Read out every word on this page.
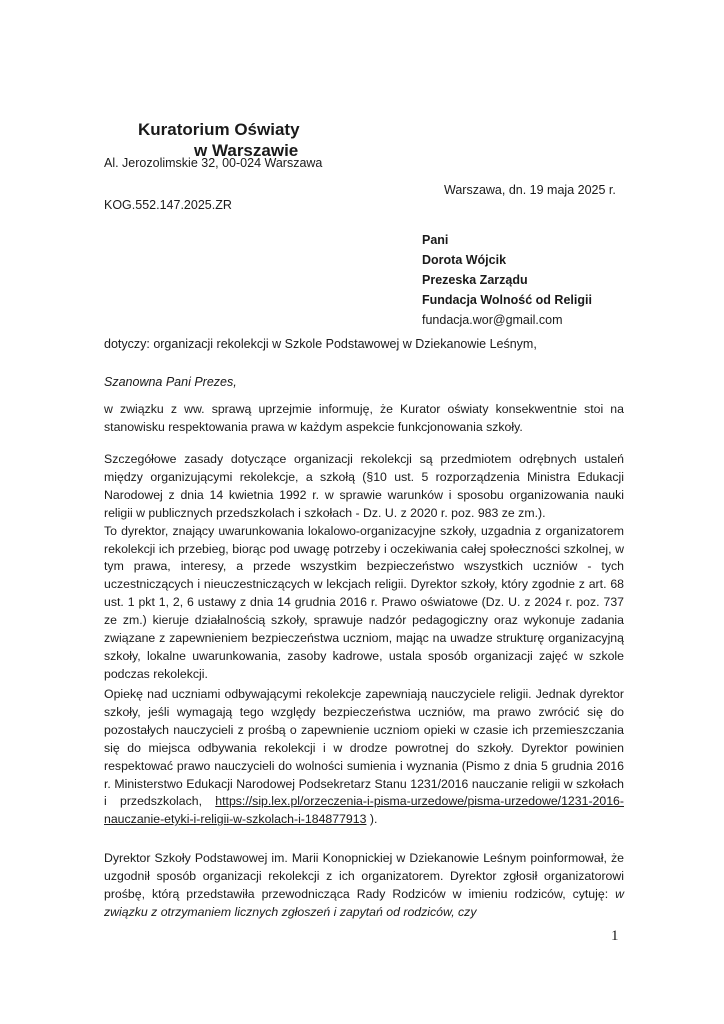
Kuratorium Oświaty
w Warszawie
Al. Jerozolimskie 32, 00-024 Warszawa
Warszawa, dn. 19 maja 2025 r.
KOG.552.147.2025.ZR
Pani
Dorota Wójcik
Prezeska Zarządu
Fundacja Wolność od Religii
fundacja.wor@gmail.com
dotyczy: organizacji rekolekcji w Szkole Podstawowej w Dziekanowie Leśnym,
Szanowna Pani Prezes,
w związku z ww. sprawą uprzejmie informuję, że Kurator oświaty konsekwentnie stoi na stanowisku respektowania prawa w każdym aspekcie funkcjonowania szkoły.
Szczegółowe zasady dotyczące organizacji rekolekcji są przedmiotem odrębnych ustaleń między organizującymi rekolekcje, a szkołą (§10 ust. 5 rozporządzenia Ministra Edukacji Narodowej z dnia 14 kwietnia 1992 r. w sprawie warunków i sposobu organizowania nauki religii w publicznych przedszkolach i szkołach - Dz. U. z 2020 r. poz. 983 ze zm.).
To dyrektor, znający uwarunkowania lokalowo-organizacyjne szkoły, uzgadnia z organizatorem rekolekcji ich przebieg, biorąc pod uwagę potrzeby i oczekiwania całej społeczności szkolnej, w tym prawa, interesy, a przede wszystkim bezpieczeństwo wszystkich uczniów - tych uczestniczących i nieuczestniczących w lekcjach religii. Dyrektor szkoły, który zgodnie z art. 68 ust. 1 pkt 1, 2, 6 ustawy z dnia 14 grudnia 2016 r. Prawo oświatowe (Dz. U. z 2024 r. poz. 737 ze zm.) kieruje działalnością szkoły, sprawuje nadzór pedagogiczny oraz wykonuje zadania związane z zapewnieniem bezpieczeństwa uczniom, mając na uwadze strukturę organizacyjną szkoły, lokalne uwarunkowania, zasoby kadrowe, ustala sposób organizacji zajęć w szkole podczas rekolekcji.
Opiekę nad uczniami odbywającymi rekolekcje zapewniają nauczyciele religii. Jednak dyrektor szkoły, jeśli wymagają tego względy bezpieczeństwa uczniów, ma prawo zwrócić się do pozostałych nauczycieli z prośbą o zapewnienie uczniom opieki w czasie ich przemieszczania się do miejsca odbywania rekolekcji i w drodze powrotnej do szkoły. Dyrektor powinien respektować prawo nauczycieli do wolności sumienia i wyznania (Pismo z dnia 5 grudnia 2016 r. Ministerstwo Edukacji Narodowej Podsekretarz Stanu 1231/2016 nauczanie religii w szkołach i przedszkolach, https://sip.lex.pl/orzeczenia-i-pisma-urzedowe/pisma-urzedowe/1231-2016-nauczanie-etyki-i-religii-w-szkolach-i-184877913 ).
Dyrektor Szkoły Podstawowej im. Marii Konopnickiej w Dziekanowie Leśnym poinformował, że uzgodnił sposób organizacji rekolekcji z ich organizatorem. Dyrektor zgłosił organizatorowi prośbę, którą przedstawiła przewodnicząca Rady Rodziców w imieniu rodziców, cytuję: w związku z otrzymaniem licznych zgłoszeń i zapytań od rodziców, czy
1
